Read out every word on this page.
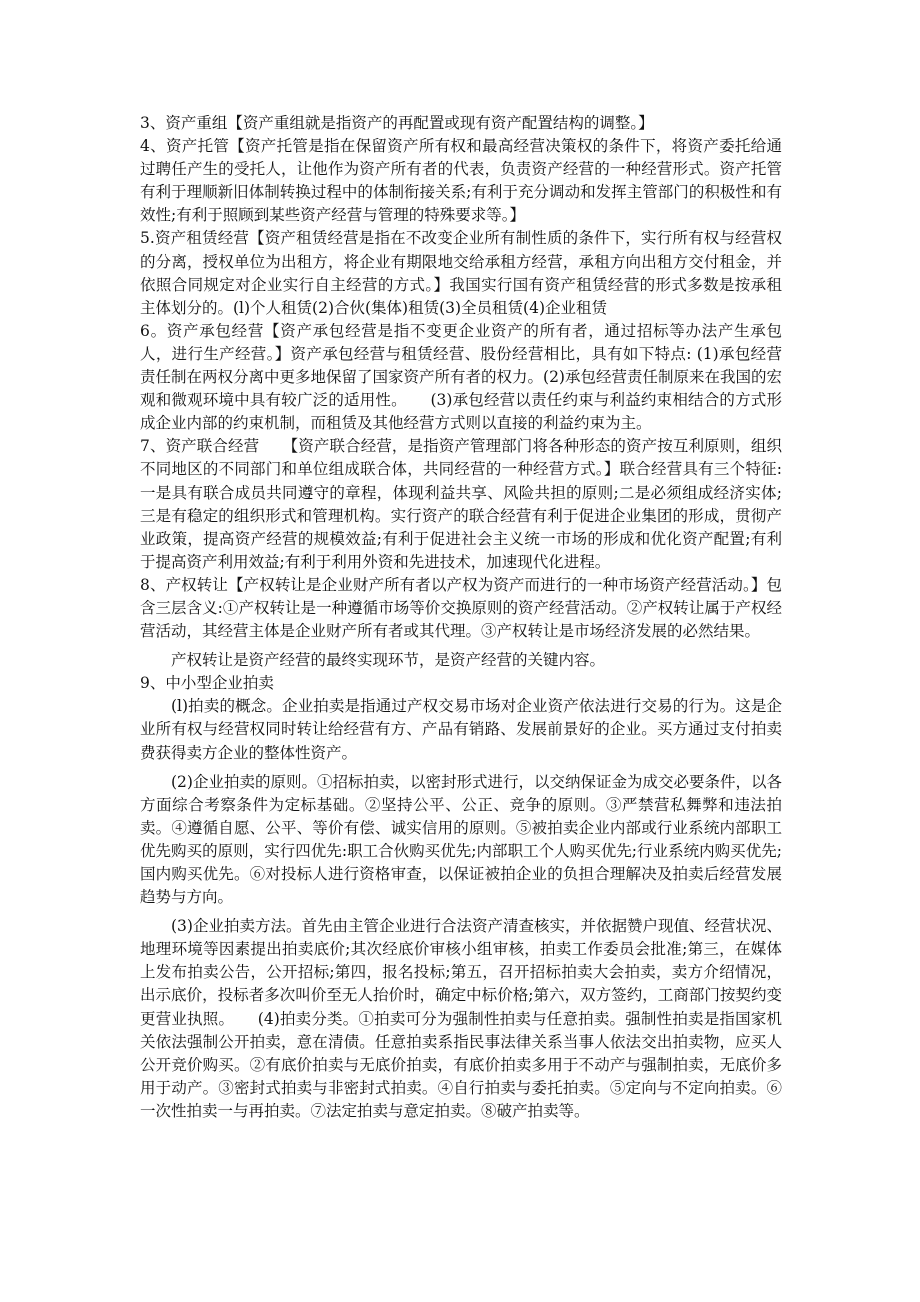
3、资产重组【资产重组就是指资产的再配置或现有资产配置结构的调整。】

4、资产托管【资产托管是指在保留资产所有权和最高经营决策权的条件下，将资产委托给通过聘任产生的受托人，让他作为资产所有者的代表，负责资产经营的一种经营形式。资产托管有利于理顺新旧体制转换过程中的体制衔接关系;有利于充分调动和发挥主管部门的积极性和有效性;有利于照顾到某些资产经营与管理的特殊要求等。】

5.资产租赁经营【资产租赁经营是指在不改变企业所有制性质的条件下，实行所有权与经营权的分离，授权单位为出租方，将企业有期限地交给承租方经营，承租方向出租方交付租金，并依照合同规定对企业实行自主经营的方式。】我国实行国有资产租赁经营的形式多数是按承租主体划分的。(l)个人租赁(2)合伙(集体)租赁(3)全员租赁(4)企业租赁

6。资产承包经营【资产承包经营是指不变更企业资产的所有者，通过招标等办法产生承包人，进行生产经营。】资产承包经营与租赁经营、股份经营相比，具有如下特点: (1)承包经营责任制在两权分离中更多地保留了国家资产所有者的权力。(2)承包经营责任制原来在我国的宏观和微观环境中具有较广泛的适用性。　　(3)承包经营以责任约束与利益约束相结合的方式形成企业内部的约束机制，而租赁及其他经营方式则以直接的利益约束为主。

7、资产联合经营　　【资产联合经营，是指资产管理部门将各种形态的资产按互利原则，组织不同地区的不同部门和单位组成联合体，共同经营的一种经营方式。】联合经营具有三个特征:一是具有联合成员共同遵守的章程，体现利益共享、风险共担的原则;二是必须组成经济实体;三是有稳定的组织形式和管理机构。实行资产的联合经营有利于促进企业集团的形成，贯彻产业政策，提高资产经营的规模效益;有利于促进社会主义统一市场的形成和优化资产配置;有利于提高资产利用效益;有利于利用外资和先进技术，加速现代化进程。

8、产权转让【产权转让是企业财产所有者以产权为资产而进行的一种市场资产经营活动。】包含三层含义:①产权转让是一种遵循市场等价交换原则的资产经营活动。②产权转让属于产权经营活动，其经营主体是企业财产所有者或其代理。③产权转让是市场经济发展的必然结果。

产权转让是资产经营的最终实现环节，是资产经营的关键内容。

9、中小型企业拍卖

(l)拍卖的概念。企业拍卖是指通过产权交易市场对企业资产依法进行交易的行为。这是企业所有权与经营权同时转让给经营有方、产品有销路、发展前景好的企业。买方通过支付拍卖费获得卖方企业的整体性资产。

(2)企业拍卖的原则。①招标拍卖，以密封形式进行，以交纳保证金为成交必要条件，以各方面综合考察条件为定标基础。②坚持公平、公正、竞争的原则。③严禁营私舞弊和违法拍卖。④遵循自愿、公平、等价有偿、诚实信用的原则。⑤被拍卖企业内部或行业系统内部职工优先购买的原则，实行四优先:职工合伙购买优先;内部职工个人购买优先;行业系统内购买优先;国内购买优先。⑥对投标人进行资格审查，以保证被拍企业的负担合理解决及拍卖后经营发展趋势与方向。

(3)企业拍卖方法。首先由主管企业进行合法资产清查核实，并依据赞户现值、经营状况、地理环境等因素提出拍卖底价;其次经底价审核小组审核，拍卖工作委员会批准;第三，在媒体上发布拍卖公告，公开招标;第四，报名投标;第五，召开招标拍卖大会拍卖，卖方介绍情况，出示底价，投标者多次叫价至无人抬价时，确定中标价格;第六，双方签约，工商部门按契约变更营业执照。　　(4)拍卖分类。①拍卖可分为强制性拍卖与任意拍卖。强制性拍卖是指国家机关依法强制公开拍卖，意在清债。任意拍卖系指民事法律关系当事人依法交出拍卖物，应买人公开竞价购买。②有底价拍卖与无底价拍卖，有底价拍卖多用于不动产与强制拍卖，无底价多用于动产。③密封式拍卖与非密封式拍卖。④自行拍卖与委托拍卖。⑤定向与不定向拍卖。⑥一次性拍卖一与再拍卖。⑦法定拍卖与意定拍卖。⑧破产拍卖等。
